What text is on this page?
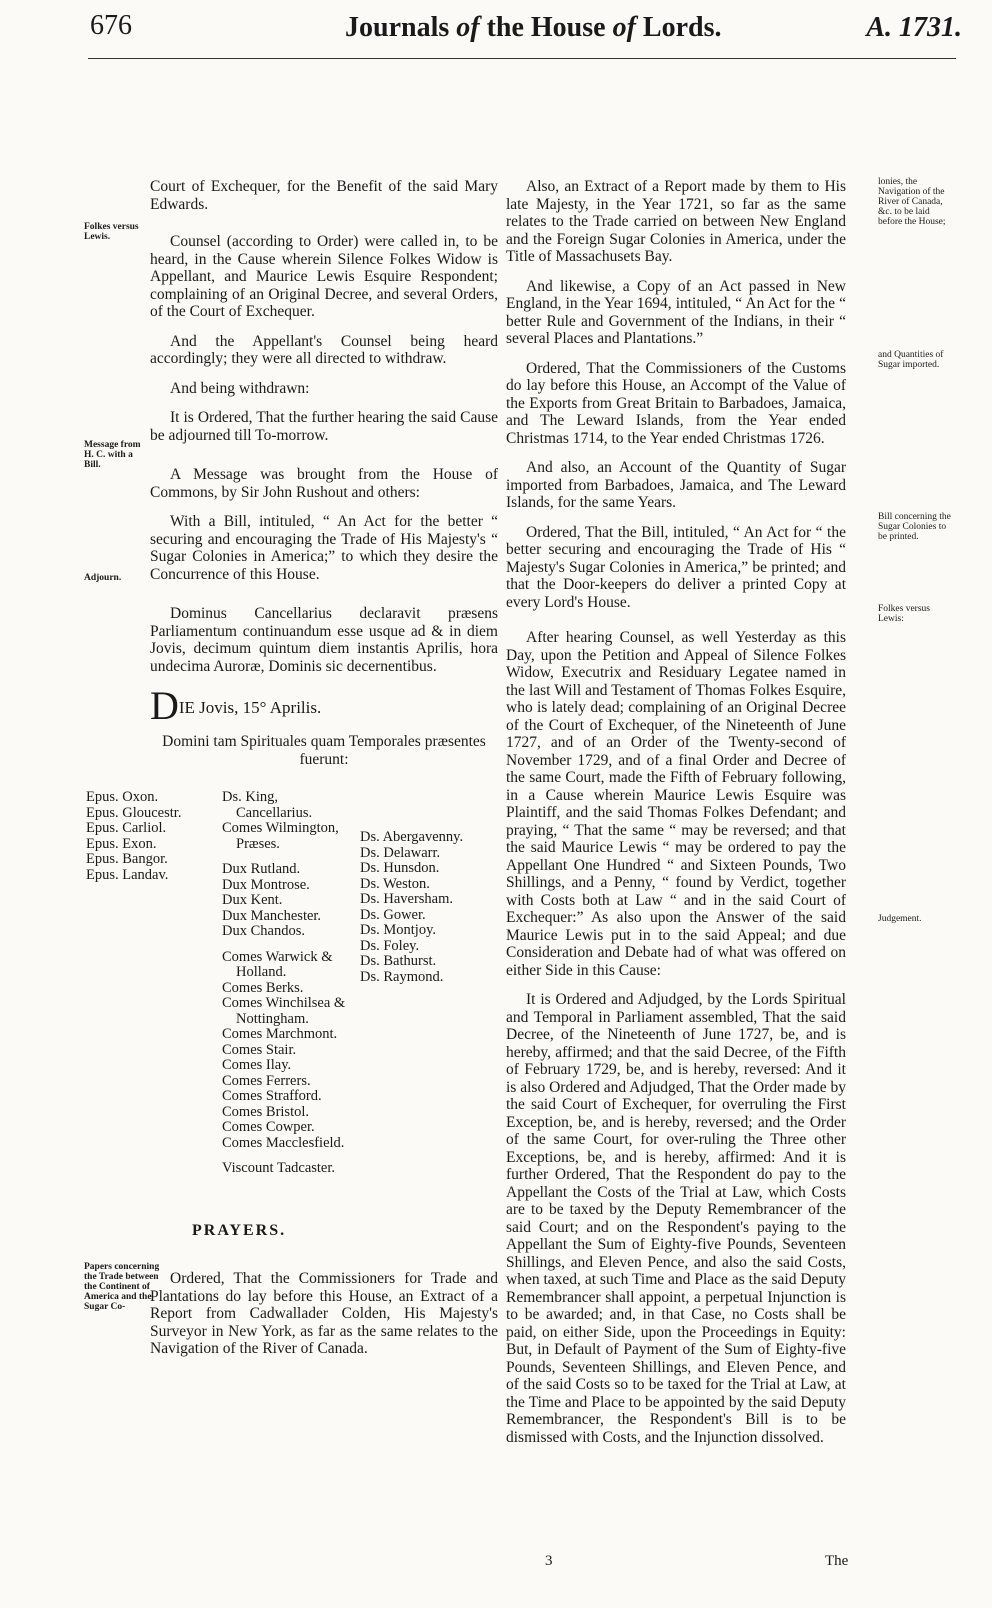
676	Journals of the House of Lords.	A. 1731.
Folkes versus Lewis.
Message from H. C. with a Bill.
Adjourn.
Papers concerning the Trade between the Continent of America and the Sugar Co-
lonies, the Navigation of the River of Canada, &c. to be laid before the House;
and Quantities of Sugar imported.
Bill concerning the Sugar Colonies to be printed.
Folkes versus Lewis:
Judgement.

Court of Exchequer, for the Benefit of the said Mary Edwards.

Counsel (according to Order) were called in, to be heard, in the Cause wherein Silence Folkes Widow is Appellant, and Maurice Lewis Esquire Respondent; complaining of an Original Decree, and several Orders, of the Court of Exchequer.

And the Appellant's Counsel being heard accordingly; they were all directed to withdraw.

And being withdrawn:

It is Ordered, That the further hearing the said Cause be adjourned till To-morrow.

A Message was brought from the House of Commons, by Sir John Rushout and others:

With a Bill, intituled, “ An Act for the better “ securing and encouraging the Trade of His Majesty's “ Sugar Colonies in America;” to which they desire the Concurrence of this House.

Dominus Cancellarius declaravit præsens Parliamentum continuandum esse usque ad & in diem Jovis, decimum quintum diem instantis Aprilis, hora undecima Auroræ, Dominis sic decernentibus.

DIE Jovis, 15° Aprilis.

Domini tam Spirituales quam Temporales præsentes fuerunt:

Epus. Oxon.
Epus. Gloucestr.
Epus. Carliol.
Epus. Exon.
Epus. Bangor.
Epus. Landav.
Ds. King,
Cancellarius.
Comes Wilmington,
Præses.
Dux Rutland.
Dux Montrose.
Dux Kent.
Dux Manchester.
Dux Chandos.
Comes Warwick &
Holland.
Comes Berks.
Comes Winchilsea &
Nottingham.
Comes Marchmont.
Comes Stair.
Comes Ilay.
Comes Ferrers.
Comes Strafford.
Comes Bristol.
Comes Cowper.
Comes Macclesfield.
Viscount Tadcaster.
Ds. Abergavenny.
Ds. Delawarr.
Ds. Hunsdon.
Ds. Weston.
Ds. Haversham.
Ds. Gower.
Ds. Montjoy.
Ds. Foley.
Ds. Bathurst.
Ds. Raymond.
PRAYERS.

Ordered, That the Commissioners for Trade and Plantations do lay before this House, an Extract of a Report from Cadwallader Colden, His Majesty's Surveyor in New York, as far as the same relates to the Navigation of the River of Canada.

Also, an Extract of a Report made by them to His late Majesty, in the Year 1721, so far as the same relates to the Trade carried on between New England and the Foreign Sugar Colonies in America, under the Title of Massachusets Bay.

And likewise, a Copy of an Act passed in New England, in the Year 1694, intituled, “ An Act for the “ better Rule and Government of the Indians, in their “ several Places and Plantations.”

Ordered, That the Commissioners of the Customs do lay before this House, an Accompt of the Value of the Exports from Great Britain to Barbadoes, Jamaica, and The Leward Islands, from the Year ended Christmas 1714, to the Year ended Christmas 1726.

And also, an Account of the Quantity of Sugar imported from Barbadoes, Jamaica, and The Leward Islands, for the same Years.

Ordered, That the Bill, intituled, “ An Act for “ the better securing and encouraging the Trade of His “ Majesty's Sugar Colonies in America,” be printed; and that the Door-keepers do deliver a printed Copy at every Lord's House.

After hearing Counsel, as well Yesterday as this Day, upon the Petition and Appeal of Silence Folkes Widow, Executrix and Residuary Legatee named in the last Will and Testament of Thomas Folkes Esquire, who is lately dead; complaining of an Original Decree of the Court of Exchequer, of the Nineteenth of June 1727, and of an Order of the Twenty-second of November 1729, and of a final Order and Decree of the same Court, made the Fifth of February following, in a Cause wherein Maurice Lewis Esquire was Plaintiff, and the said Thomas Folkes Defendant; and praying, “ That the same “ may be reversed; and that the said Maurice Lewis “ may be ordered to pay the Appellant One Hundred “ and Sixteen Pounds, Two Shillings, and a Penny, “ found by Verdict, together with Costs both at Law “ and in the said Court of Exchequer:” As also upon the Answer of the said Maurice Lewis put in to the said Appeal; and due Consideration and Debate had of what was offered on either Side in this Cause:

It is Ordered and Adjudged, by the Lords Spiritual and Temporal in Parliament assembled, That the said Decree, of the Nineteenth of June 1727, be, and is hereby, affirmed; and that the said Decree, of the Fifth of February 1729, be, and is hereby, reversed: And it is also Ordered and Adjudged, That the Order made by the said Court of Exchequer, for overruling the First Exception, be, and is hereby, reversed; and the Order of the same Court, for over-ruling the Three other Exceptions, be, and is hereby, affirmed: And it is further Ordered, That the Respondent do pay to the Appellant the Costs of the Trial at Law, which Costs are to be taxed by the Deputy Remembrancer of the said Court; and on the Respondent's paying to the Appellant the Sum of Eighty-five Pounds, Seventeen Shillings, and Eleven Pence, and also the said Costs, when taxed, at such Time and Place as the said Deputy Remembrancer shall appoint, a perpetual Injunction is to be awarded; and, in that Case, no Costs shall be paid, on either Side, upon the Proceedings in Equity: But, in Default of Payment of the Sum of Eighty-five Pounds, Seventeen Shillings, and Eleven Pence, and of the said Costs so to be taxed for the Trial at Law, at the Time and Place to be appointed by the said Deputy Remembrancer, the Respondent's Bill is to be dismissed with Costs, and the Injunction dissolved.

3	The
